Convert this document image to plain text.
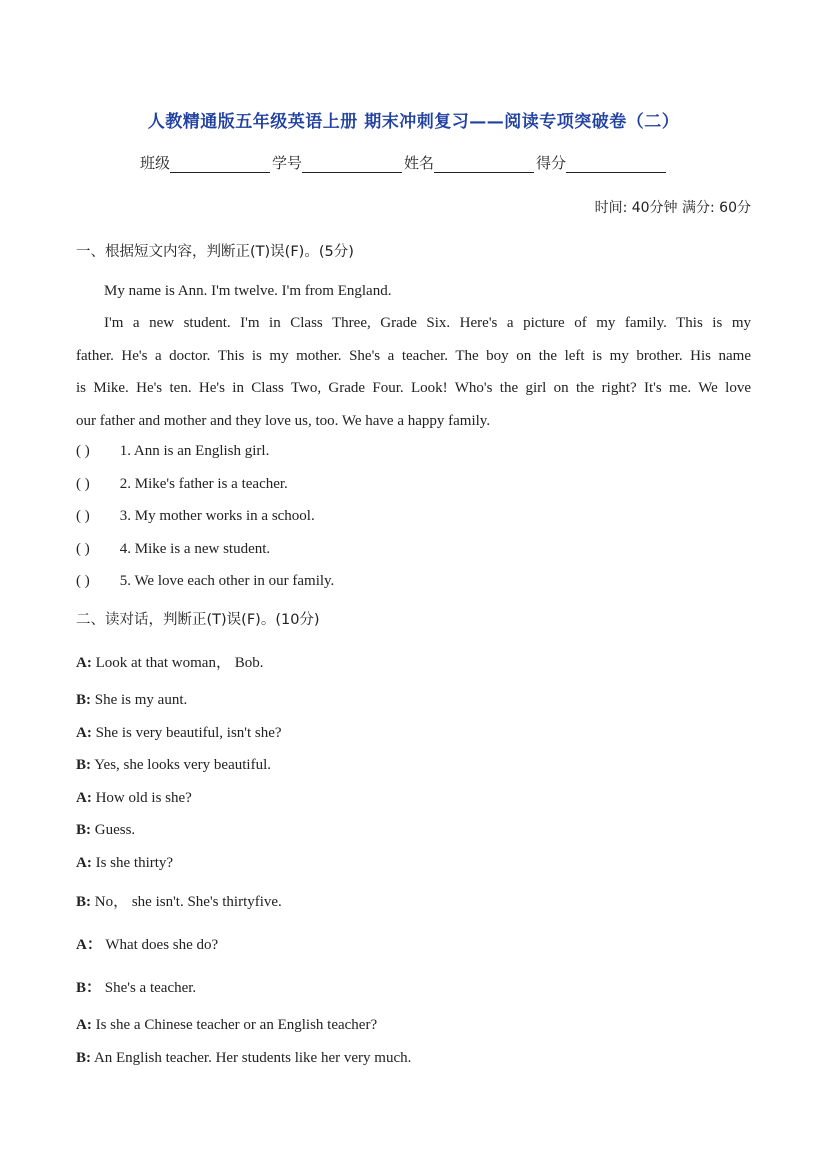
人教精通版五年级英语上册 期末冲刺复习——阅读专项突破卷（二）
班级	学号	姓名	得分
时间: 40分钟 满分: 60分
一、根据短文内容，判断正(T)误(F)。(5分)
My name is Ann. I'm twelve. I'm from England.
I'm a new student. I'm in Class Three, Grade Six. Here's a picture of my family. This is my
father. He's a doctor. This is my mother. She's a teacher. The boy on the left is my brother. His name
is Mike. He's ten. He's in Class Two, Grade Four. Look! Who's the girl on the right? It's me. We love
our father and mother and they love us, too. We have a happy family.
( ) 1. Ann is an English girl.
( ) 2. Mike's father is a teacher.
( ) 3. My mother works in a school.
( ) 4. Mike is a new student.
( ) 5. We love each other in our family.
二、读对话，判断正(T)误(F)。(10分)
A: Look at that woman， Bob.
B: She is my aunt.
A: She is very beautiful, isn't she?
B: Yes, she looks very beautiful.
A: How old is she?
B: Guess.
A: Is she thirty?
B: No， she isn't. She's thirtyfive.
A： What does she do?
B： She's a teacher.
A: Is she a Chinese teacher or an English teacher?
B: An English teacher. Her students like her very much.
